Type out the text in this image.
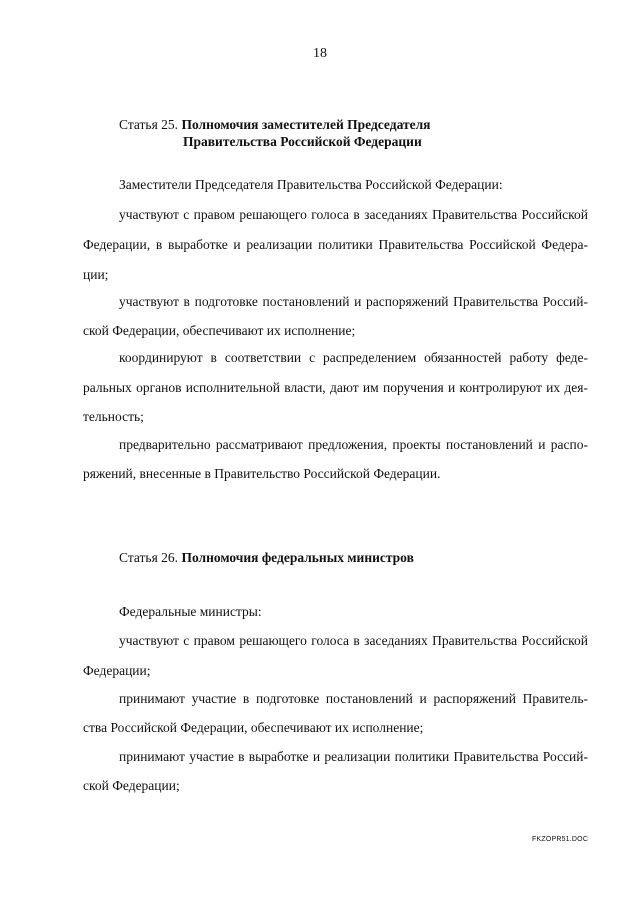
18
Статья 25. Полномочия заместителей Председателя
Правительства Российской Федерации
Заместители Председателя Правительства Российской Федерации:
участвуют с правом решающего голоса в заседаниях Правительства Российской
Федерации, в выработке и реализации политики Правительства Российской Федера-
ции;
участвуют в подготовке постановлений и распоряжений Правительства Россий-
ской Федерации, обеспечивают их исполнение;
координируют в соответствии с распределением обязанностей работу феде-
ральных органов исполнительной власти, дают им поручения и контролируют их дея-
тельность;
предварительно рассматривают предложения, проекты постановлений и распо-
ряжений, внесенные в Правительство Российской Федерации.
Статья 26. Полномочия федеральных министров
Федеральные министры:
участвуют с правом решающего голоса в заседаниях Правительства Российской
Федерации;
принимают участие в подготовке постановлений и распоряжений Правитель-
ства Российской Федерации, обеспечивают их исполнение;
принимают участие в выработке и реализации политики Правительства Россий-
ской Федерации;
FKZOPR51.DOC
